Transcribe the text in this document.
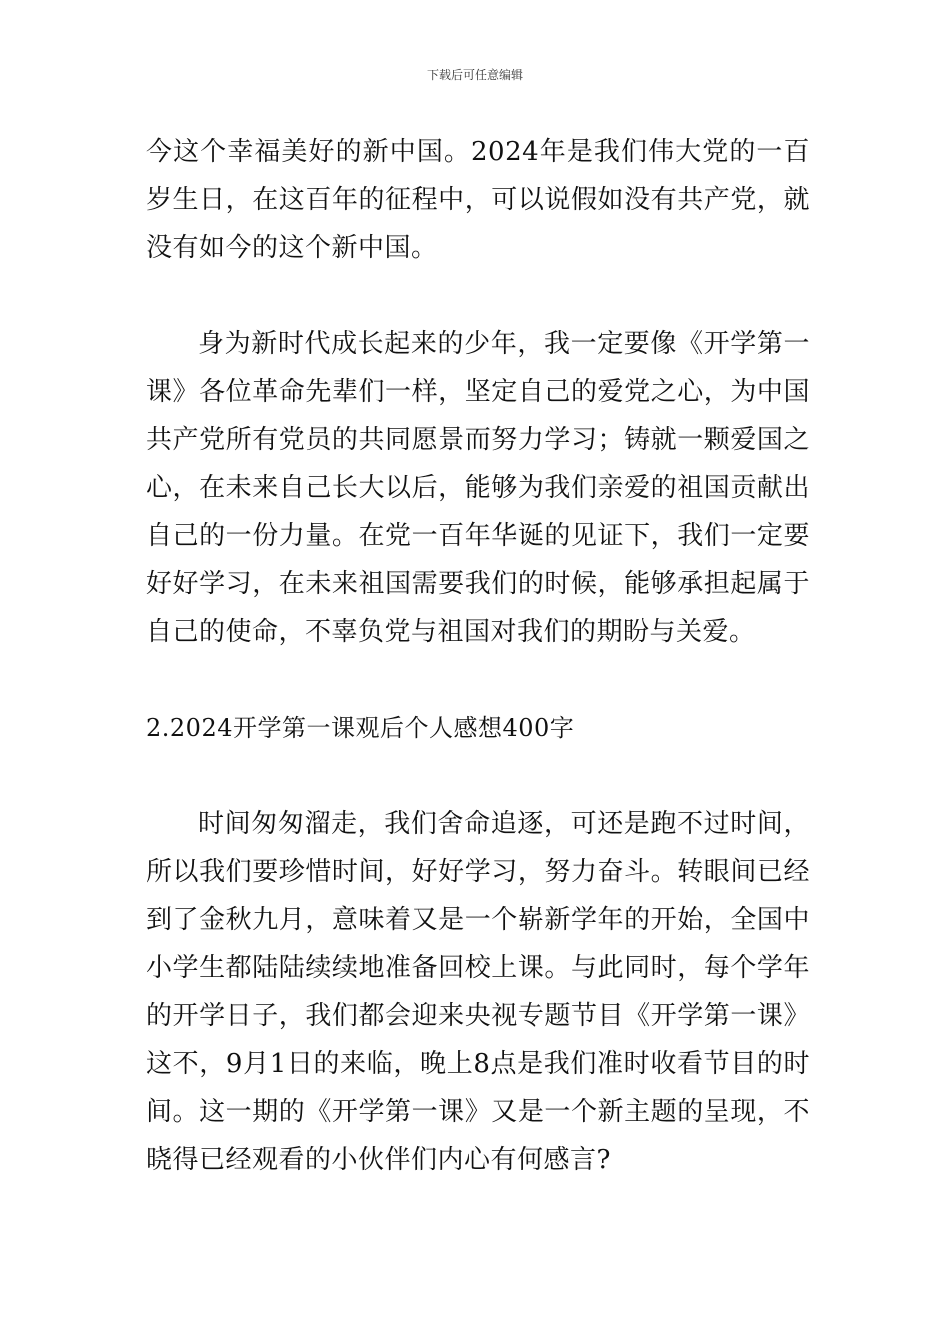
下载后可任意编辑

今这个幸福美好的新中国。2024年是我们伟大党的一百岁生日，在这百年的征程中，可以说假如没有共产党，就没有如今的这个新中国。

身为新时代成长起来的少年，我一定要像《开学第一课》各位革命先辈们一样，坚定自己的爱党之心，为中国共产党所有党员的共同愿景而努力学习；铸就一颗爱国之心，在未来自己长大以后，能够为我们亲爱的祖国贡献出自己的一份力量。在党一百年华诞的见证下，我们一定要好好学习，在未来祖国需要我们的时候，能够承担起属于自己的使命，不辜负党与祖国对我们的期盼与关爱。

2.2024开学第一课观后个人感想400字

时间匆匆溜走，我们舍命追逐，可还是跑不过时间，所以我们要珍惜时间，好好学习，努力奋斗。转眼间已经到了金秋九月，意味着又是一个崭新学年的开始，全国中小学生都陆陆续续地准备回校上课。与此同时，每个学年的开学日子，我们都会迎来央视专题节目《开学第一课》这不，9月1日的来临，晚上8点是我们准时收看节目的时间。这一期的《开学第一课》又是一个新主题的呈现，不晓得已经观看的小伙伴们内心有何感言?
